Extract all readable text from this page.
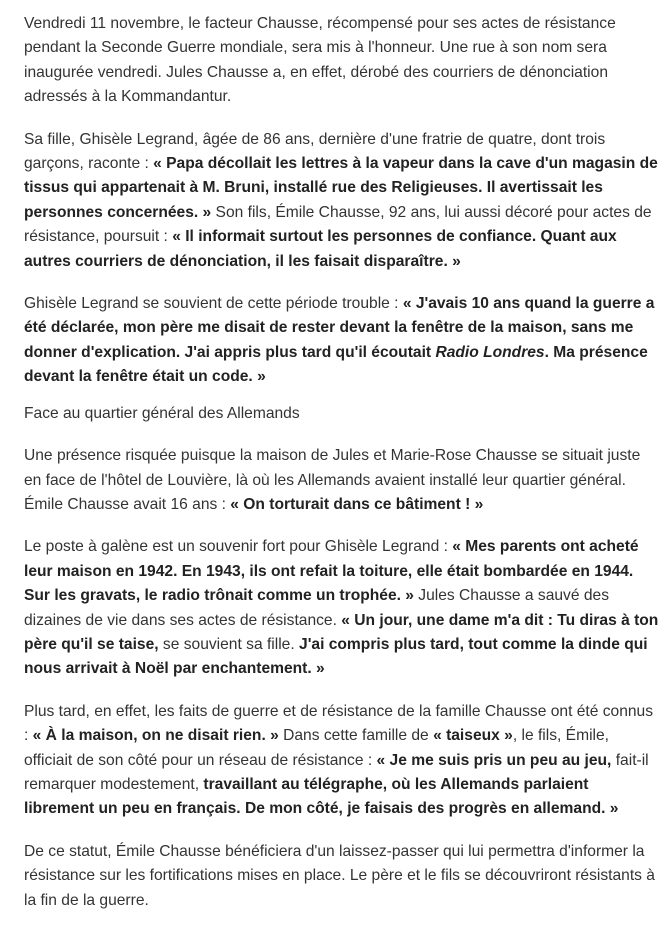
Vendredi 11 novembre, le facteur Chausse, récompensé pour ses actes de résistance pendant la Seconde Guerre mondiale, sera mis à l'honneur. Une rue à son nom sera inaugurée vendredi. Jules Chausse a, en effet, dérobé des courriers de dénonciation adressés à la Kommandantur.

Sa fille, Ghisèle Legrand, âgée de 86 ans, dernière d'une fratrie de quatre, dont trois garçons, raconte : « Papa décollait les lettres à la vapeur dans la cave d'un magasin de tissus qui appartenait à M. Bruni, installé rue des Religieuses. Il avertissait les personnes concernées. » Son fils, Émile Chausse, 92 ans, lui aussi décoré pour actes de résistance, poursuit : « Il informait surtout les personnes de confiance. Quant aux autres courriers de dénonciation, il les faisait disparaître. »

Ghisèle Legrand se souvient de cette période trouble : « J'avais 10 ans quand la guerre a été déclarée, mon père me disait de rester devant la fenêtre de la maison, sans me donner d'explication. J'ai appris plus tard qu'il écoutait Radio Londres. Ma présence devant la fenêtre était un code. »

Face au quartier général des Allemands

Une présence risquée puisque la maison de Jules et Marie-Rose Chausse se situait juste en face de l'hôtel de Louvière, là où les Allemands avaient installé leur quartier général. Émile Chausse avait 16 ans : « On torturait dans ce bâtiment ! »

Le poste à galène est un souvenir fort pour Ghisèle Legrand : « Mes parents ont acheté leur maison en 1942. En 1943, ils ont refait la toiture, elle était bombardée en 1944. Sur les gravats, le radio trônait comme un trophée. » Jules Chausse a sauvé des dizaines de vie dans ses actes de résistance. « Un jour, une dame m'a dit : Tu diras à ton père qu'il se taise, se souvient sa fille. J'ai compris plus tard, tout comme la dinde qui nous arrivait à Noël par enchantement. »

Plus tard, en effet, les faits de guerre et de résistance de la famille Chausse ont été connus : « À la maison, on ne disait rien. » Dans cette famille de « taiseux », le fils, Émile, officiait de son côté pour un réseau de résistance : « Je me suis pris un peu au jeu, fait-il remarquer modestement, travaillant au télégraphe, où les Allemands parlaient librement un peu en français. De mon côté, je faisais des progrès en allemand. »

De ce statut, Émile Chausse bénéficiera d'un laissez-passer qui lui permettra d'informer la résistance sur les fortifications mises en place. Le père et le fils se découvriront résistants à la fin de la guerre.
